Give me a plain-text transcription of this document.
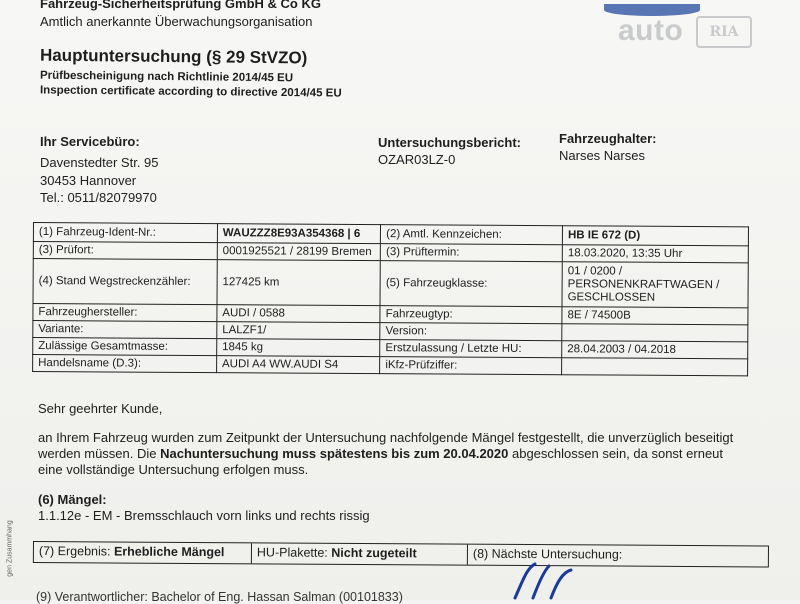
Fahrzeug-Sicherheitsprüfung GmbH & Co KG
Amtlich anerkannte Überwachungsorganisation
Hauptuntersuchung (§ 29 StVZO)
Prüfbescheinigung nach Richtlinie 2014/45 EU
Inspection certificate according to directive 2014/45 EU
auto	RIA
Ihr Servicebüro:
Davenstedter Str. 95
30453 Hannover
Tel.: 0511/82079970
Untersuchungsbericht:
OZAR03LZ-0
Fahrzeughalter:
Narses Narses
(1) Fahrzeug-Ident-Nr.:	WAUZZZ8E93A354368 | 6	(2) Amtl. Kennzeichen:	HB IE 672 (D)
(3) Prüfort:	0001925521 / 28199 Bremen	(3) Prüftermin:	18.03.2020, 13:35 Uhr
(4) Stand Wegstreckenzähler:	127425 km	(5) Fahrzeugklasse:	01 / 0200 / PERSONENKRAFTWAGEN / GESCHLOSSEN
Fahrzeughersteller:	AUDI / 0588	Fahrzeugtyp:	8E / 74500B
Variante:	LALZF1/	Version:	
Zulässige Gesamtmasse:	1845 kg	Erstzulassung / Letzte HU:	28.04.2003 / 04.2018
Handelsname (D.3):	AUDI A4 WW.AUDI S4	iKfz-Prüfziffer:	
Sehr geehrter Kunde,
an Ihrem Fahrzeug wurden zum Zeitpunkt der Untersuchung nachfolgende Mängel festgestellt, die unverzüglich beseitigt
werden müssen. Die Nachuntersuchung muss spätestens bis zum 20.04.2020 abgeschlossen sein, da sonst erneut
eine vollständige Untersuchung erfolgen muss.
(6) Mängel:
1.1.12e - EM - Bremsschlauch vorn links und rechts rissig
(7) Ergebnis: Erhebliche Mängel	HU-Plakette: Nicht zugeteilt	(8) Nächste Untersuchung:
(9) Verantwortlicher: Bachelor of Eng. Hassan Salman (00101833)
gen Zusammhang
